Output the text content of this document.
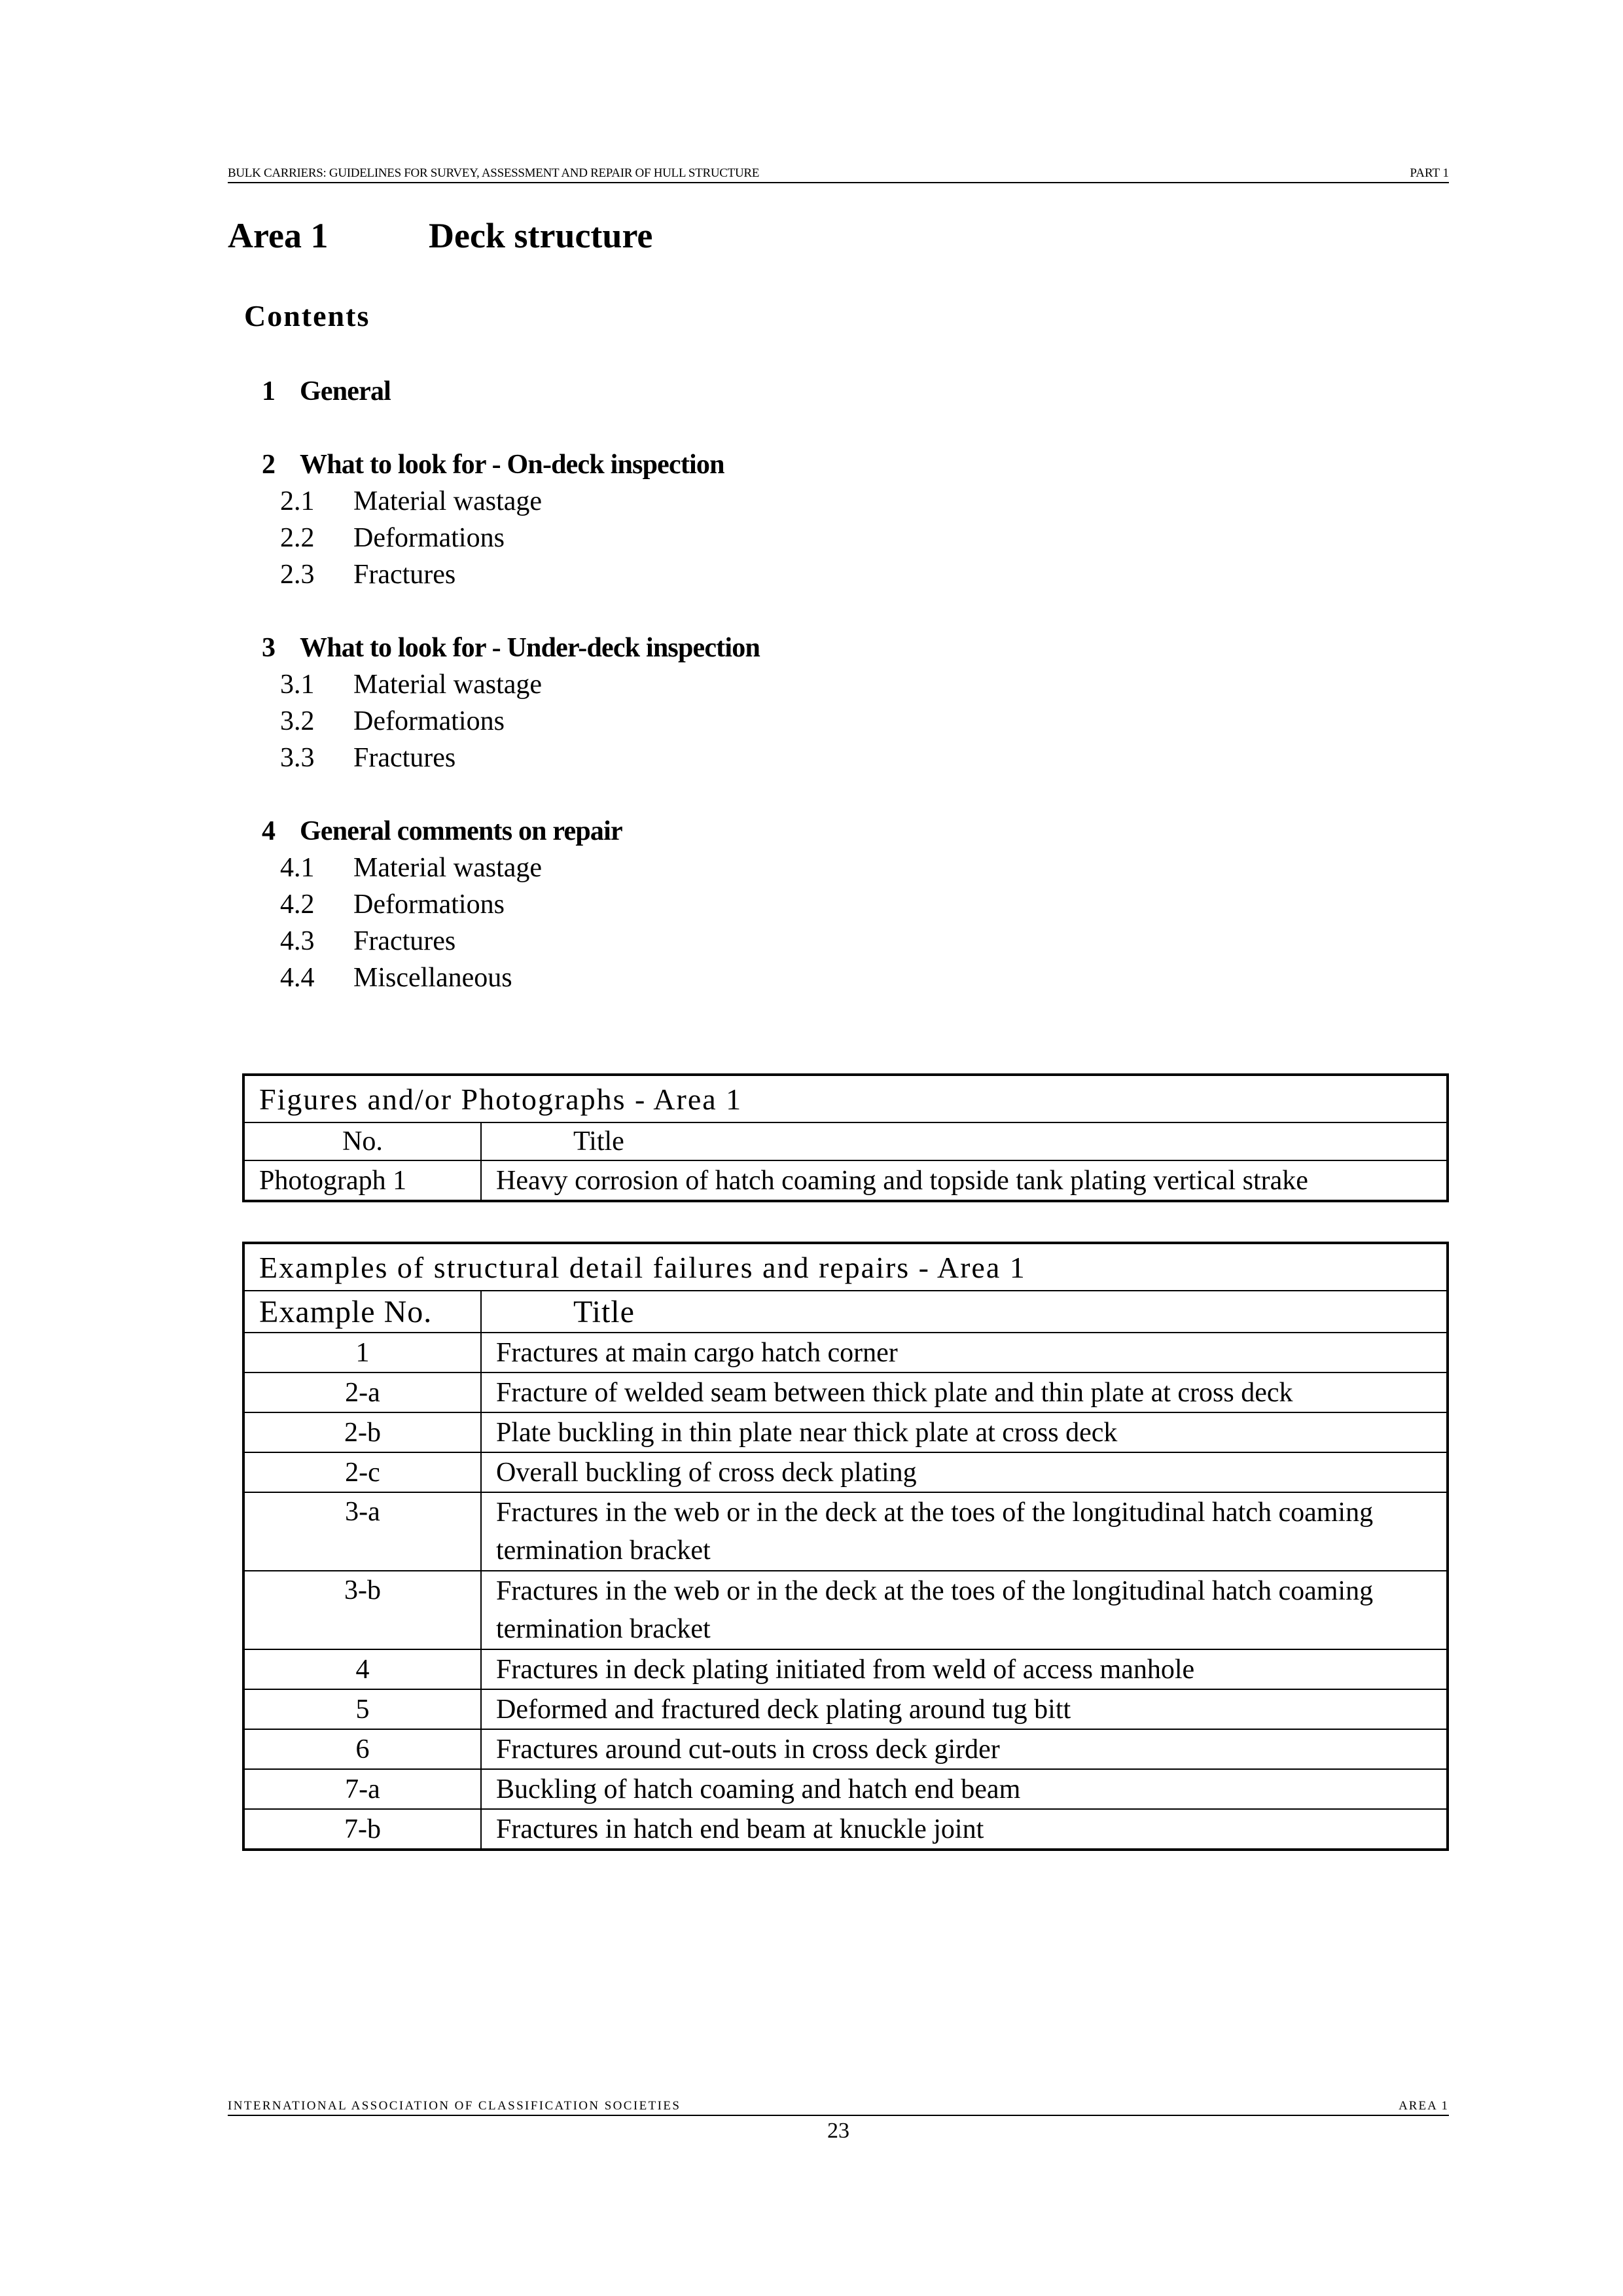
BULK CARRIERS: GUIDELINES FOR SURVEY, ASSESSMENT AND REPAIR OF HULL STRUCTURE	PART 1
Area 1	Deck structure
Contents
1 General
2 What to look for - On-deck inspection
2.1	Material wastage
2.2	Deformations
2.3	Fractures
3 What to look for - Under-deck inspection
3.1	Material wastage
3.2	Deformations
3.3	Fractures
4 General comments on repair
4.1	Material wastage
4.2	Deformations
4.3	Fractures
4.4	Miscellaneous
Figures and/or Photographs - Area 1	
No.	Title
Photograph 1	Heavy corrosion of hatch coaming and topside tank plating vertical strake
Examples of structural detail failures and repairs - Area 1	
Example No.	Title
1	Fractures at main cargo hatch corner
2-a	Fracture of welded seam between thick plate and thin plate at cross deck
2-b	Plate buckling in thin plate near thick plate at cross deck
2-c	Overall buckling of cross deck plating
3-a	Fractures in the web or in the deck at the toes of the longitudinal hatch coaming termination bracket
3-b	Fractures in the web or in the deck at the toes of the longitudinal hatch coaming termination bracket
4	Fractures in deck plating initiated from weld of access manhole
5	Deformed and fractured deck plating around tug bitt
6	Fractures around cut-outs in cross deck girder
7-a	Buckling of hatch coaming and hatch end beam
7-b	Fractures in hatch end beam at knuckle joint
INTERNATIONAL ASSOCIATION OF CLASSIFICATION SOCIETIES	AREA 1
23
